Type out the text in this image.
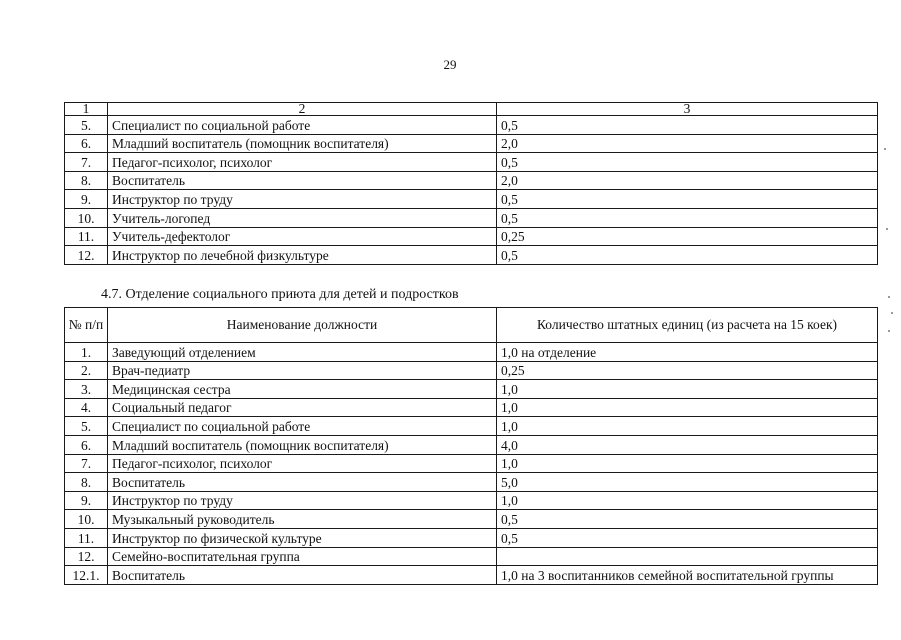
29
1	2	3
5.	Специалист по социальной работе	0,5
6.	Младший воспитатель (помощник воспитателя)	2,0
7.	Педагог-психолог, психолог	0,5
8.	Воспитатель	2,0
9.	Инструктор по труду	0,5
10.	Учитель-логопед	0,5
11.	Учитель-дефектолог	0,25
12.	Инструктор по лечебной физкультуре	0,5
4.7. Отделение социального приюта для детей и подростков
№ п/п	Наименование должности	Количество штатных единиц (из расчета на 15 коек)
1.	Заведующий отделением	1,0 на отделение
2.	Врач-педиатр	0,25
3.	Медицинская сестра	1,0
4.	Социальный педагог	1,0
5.	Специалист по социальной работе	1,0
6.	Младший воспитатель (помощник воспитателя)	4,0
7.	Педагог-психолог, психолог	1,0
8.	Воспитатель	5,0
9.	Инструктор по труду	1,0
10.	Музыкальный руководитель	0,5
11.	Инструктор по физической культуре	0,5
12.	Семейно-воспитательная группа	
12.1.	Воспитатель	1,0 на 3 воспитанников семейной воспитательной группы
